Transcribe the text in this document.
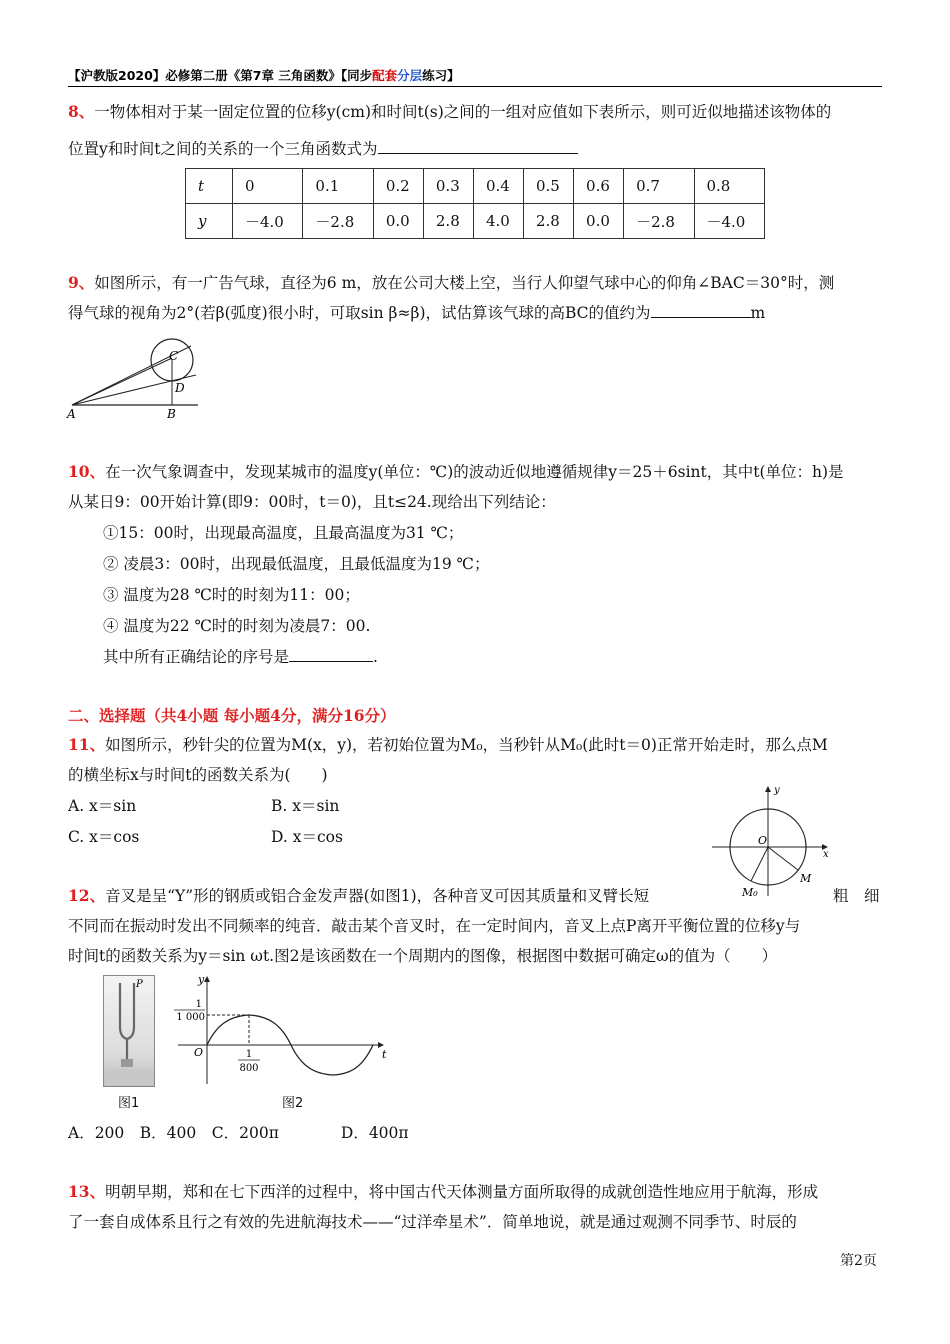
【沪教版2020】必修第二册《第7章 三角函数》【同步配套分层练习】
8、一物体相对于某一固定位置的位移y(cm)和时间t(s)之间的一组对应值如下表所示，则可近似地描述该物体的
位置y和时间t之间的关系的一个三角函数式为
t	0	0.1	0.2	0.3	0.4	0.5	0.6	0.7	0.8
y	－4.0	－2.8	0.0	2.8	4.0	2.8	0.0	－2.8	－4.0
9、如图所示，有一广告气球，直径为6 m，放在公司大楼上空，当行人仰望气球中心的仰角∠BAC＝30°时，测
得气球的视角为2°(若β(弧度)很小时，可取sin β≈β)，试估算该气球的高BC的值约为	m
A	B
C
D
10、在一次气象调查中，发现某城市的温度y(单位：℃)的波动近似地遵循规律y＝25＋6sint，其中t(单位：h)是
从某日9：00开始计算(即9：00时，t＝0)，且t≤24.现给出下列结论：
①15：00时，出现最高温度，且最高温度为31 ℃；
② 凌晨3：00时，出现最低温度，且最低温度为19 ℃；
③ 温度为28 ℃时的时刻为11：00；
④ 温度为22 ℃时的时刻为凌晨7：00.
其中所有正确结论的序号是	.
二、选择题（共4小题 每小题4分，满分16分）
11、如图所示，秒针尖的位置为M(x，y)，若初始位置为M₀，当秒针从M₀(此时t＝0)正常开始走时，那么点M
的横坐标x与时间t的函数关系为(　　)
A. x＝sin	B. x＝sin
C. x＝cos	D. x＝cos	O
x
y
M
M₀
12、音叉是呈“Y”形的钢质或铝合金发声器(如图1)，各种音叉可因其质量和叉臂长短	粗　细
不同而在振动时发出不同频率的纯音．敲击某个音叉时，在一定时间内，音叉上点P离开平衡位置的位移y与
时间t的函数关系为y＝sin ωt.图2是该函数在一个周期内的图像，根据图中数据可确定ω的值为（　　）
P
图1
y
t
O
1
1 000
1
800
图2
A．200　B．400　C．200π　　　　D．400π
13、明朝早期，郑和在七下西洋的过程中，将中国古代天体测量方面所取得的成就创造性地应用于航海，形成
了一套自成体系且行之有效的先进航海技术——“过洋牵星术”．简单地说，就是通过观测不同季节、时辰的
第2页
